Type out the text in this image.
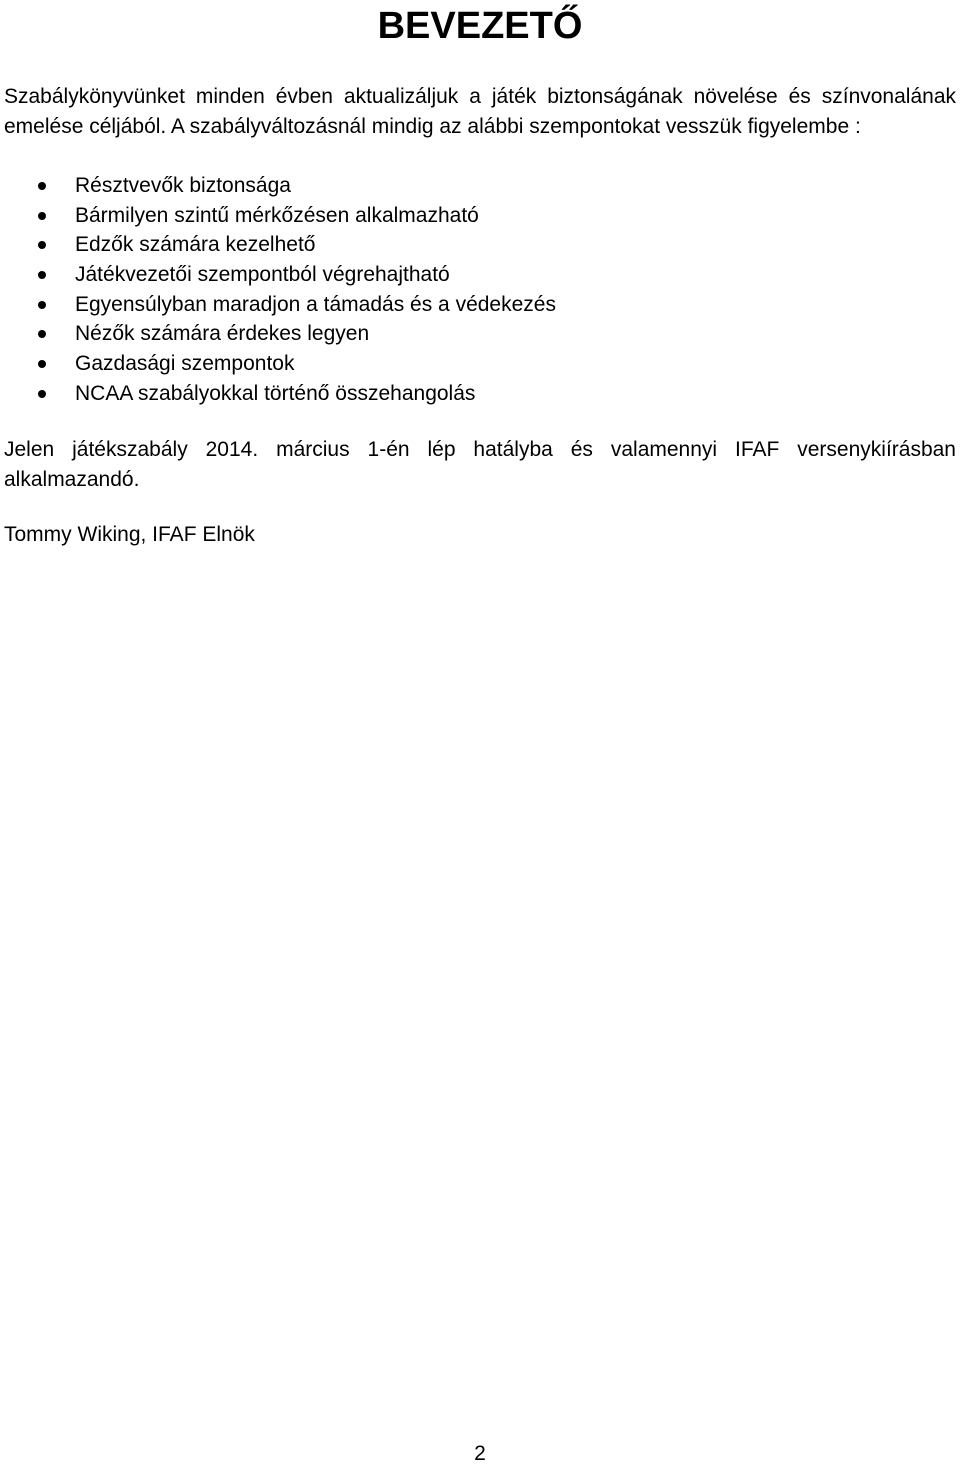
BEVEZETŐ

Szabálykönyvünket minden évben aktualizáljuk a játék biztonságának növelése és színvonalának emelése céljából. A szabályváltozásnál mindig az alábbi szempontokat vesszük figyelembe :

Résztvevők biztonsága
Bármilyen szintű mérkőzésen alkalmazható
Edzők számára kezelhető
Játékvezetői szempontból végrehajtható
Egyensúlyban maradjon a támadás és a védekezés
Nézők számára érdekes legyen
Gazdasági szempontok
NCAA szabályokkal történő összehangolás

Jelen játékszabály 2014. március 1-én lép hatályba és valamennyi IFAF versenykiírásban alkalmazandó.

Tommy Wiking, IFAF Elnök

2
